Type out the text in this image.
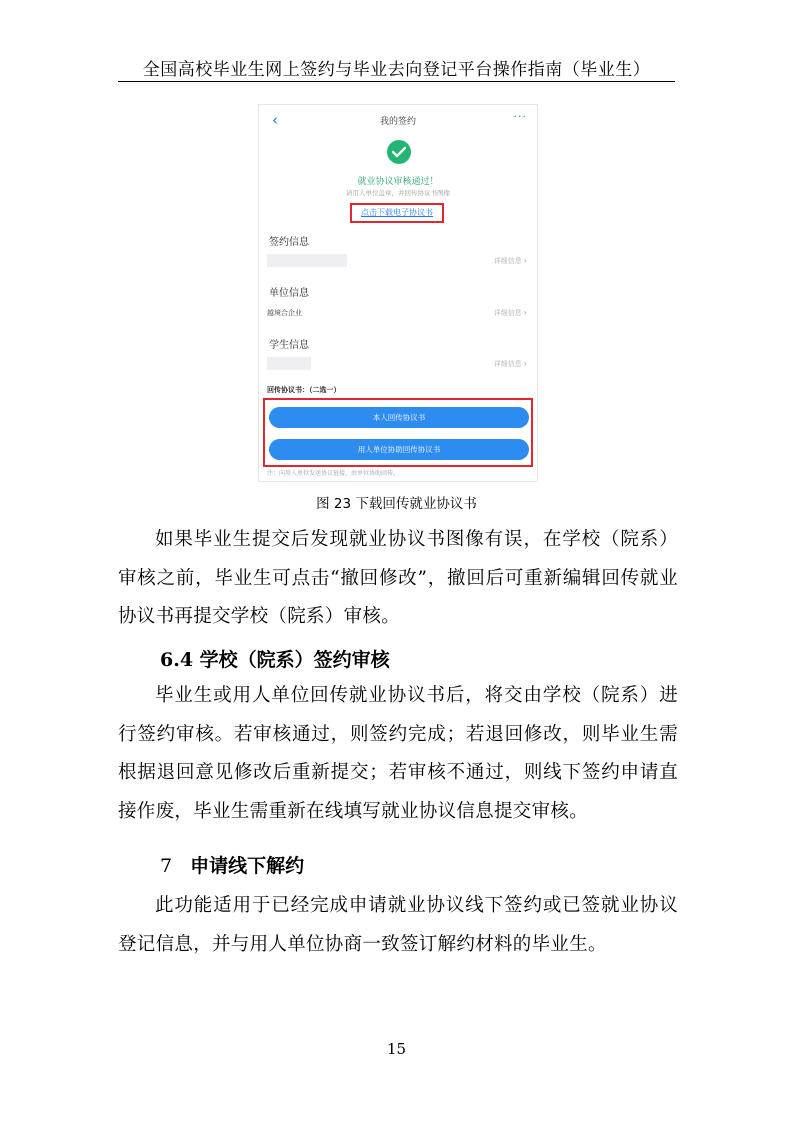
全国高校毕业生网上签约与毕业去向登记平台操作指南（毕业生）
‹	我的签约	···
就业协议审核通过！
请用人单位盖章，并回传协议书图像
点击下载电子协议书
签约信息
详细信息 ›
单位信息
越境合企业	详细信息 ›
学生信息
详细信息 ›
回传协议书：（二选一）
本人回传协议书
用人单位协助回传协议书
注：向用人单位发送协议链接，由单位协助回传。
图 23 下载回传就业协议书

如果毕业生提交后发现就业协议书图像有误，在学校（院系）审核之前，毕业生可点击“撤回修改”，撤回后可重新编辑回传就业协议书再提交学校（院系）审核。

6.4 学校（院系）签约审核

毕业生或用人单位回传就业协议书后，将交由学校（院系）进行签约审核。若审核通过，则签约完成；若退回修改，则毕业生需根据退回意见修改后重新提交；若审核不通过，则线下签约申请直接作废，毕业生需重新在线填写就业协议信息提交审核。

7 申请线下解约

此功能适用于已经完成申请就业协议线下签约或已签就业协议登记信息，并与用人单位协商一致签订解约材料的毕业生。

15
